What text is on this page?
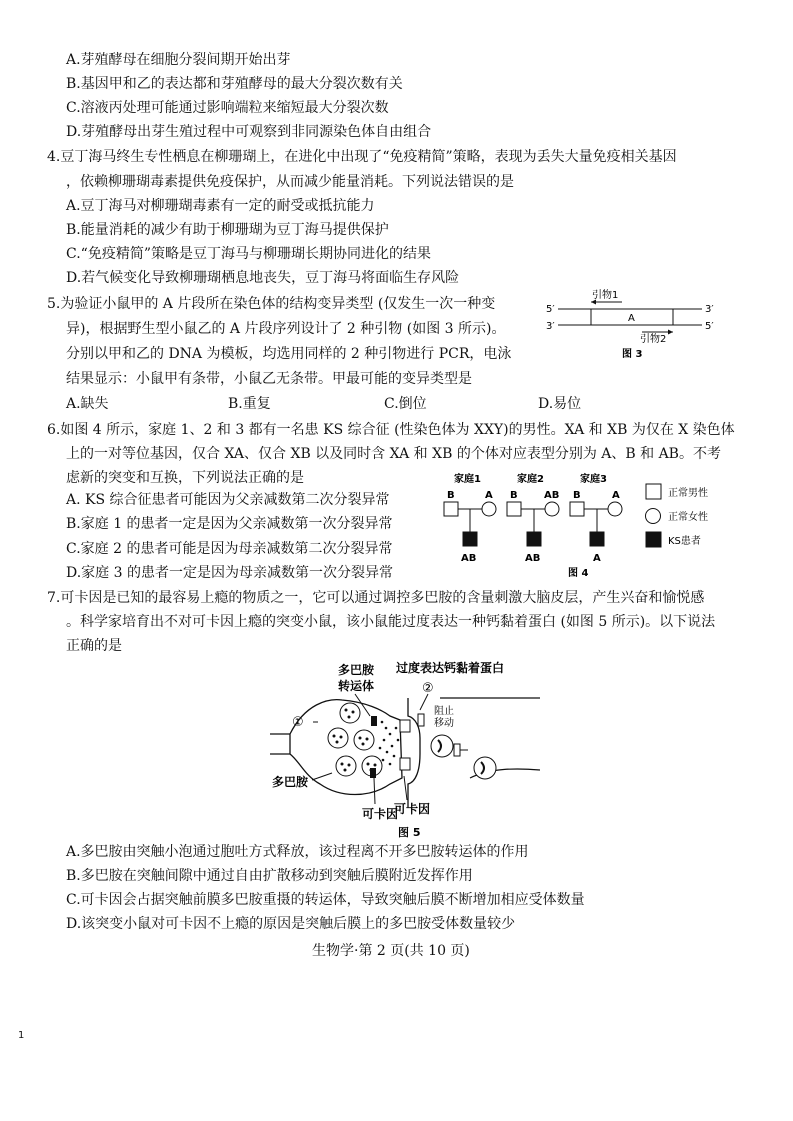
A.芽殖酵母在细胞分裂间期开始出芽
B.基因甲和乙的表达都和芽殖酵母的最大分裂次数有关
C.溶液丙处理可能通过影响端粒来缩短最大分裂次数
D.芽殖酵母出芽生殖过程中可观察到非同源染色体自由组合
4.豆丁海马终生专性栖息在柳珊瑚上，在进化中出现了“免疫精简”策略，表现为丢失大量免疫相关基因
，依赖柳珊瑚毒素提供免疫保护，从而减少能量消耗。下列说法错误的是
A.豆丁海马对柳珊瑚毒素有一定的耐受或抵抗能力
B.能量消耗的减少有助于柳珊瑚为豆丁海马提供保护
C.“免疫精简”策略是豆丁海马与柳珊瑚长期协同进化的结果
D.若气候变化导致柳珊瑚栖息地丧失，豆丁海马将面临生存风险
5.为验证小鼠甲的 A 片段所在染色体的结构变异类型 (仅发生一次一种变
异)，根据野生型小鼠乙的 A 片段序列设计了 2 种引物 (如图 3 所示)。
分别以甲和乙的 DNA 为模板，均选用同样的 2 种引物进行 PCR，电泳
结果显示：小鼠甲有条带，小鼠乙无条带。甲最可能的变异类型是
A.缺失	B.重复	C.倒位	D.易位
5′	3′
3′	5′
A
引物1
引物2
图 3
6.如图 4 所示，家庭 1、2 和 3 都有一名患 KS 综合征 (性染色体为 XXY)的男性。XA 和 XB 为仅在 X 染色体
上的一对等位基因，仅合 XA、仅合 XB 以及同时含 XA 和 XB 的个体对应表型分别为 A、B 和 AB。不考
虑新的突变和互换，下列说法正确的是
A. KS 综合征患者可能因为父亲减数第二次分裂异常
B.家庭 1 的患者一定是因为父亲减数第一次分裂异常
C.家庭 2 的患者可能是因为母亲减数第二次分裂异常
D.家庭 3 的患者一定是因为母亲减数第一次分裂异常
家庭1
B	A
AB
家庭2
B	AB
AB
家庭3
B	A
A
正常男性
正常女性
KS患者
图 4
7.可卡因是已知的最容易上瘾的物质之一，它可以通过调控多巴胺的含量刺激大脑皮层，产生兴奋和愉悦感
。科学家培育出不对可卡因上瘾的突变小鼠，该小鼠能过度表达一种钙黏着蛋白 (如图 5 所示)。以下说法
正确的是
多巴胺
转运体
过度表达钙黏着蛋白
②
①
多巴胺
可卡因
可卡因
阻止
移动
图 5
A.多巴胺由突触小泡通过胞吐方式释放，该过程离不开多巴胺转运体的作用
B.多巴胺在突触间隙中通过自由扩散移动到突触后膜附近发挥作用
C.可卡因会占据突触前膜多巴胺重摄的转运体，导致突触后膜不断增加相应受体数量
D.该突变小鼠对可卡因不上瘾的原因是突触后膜上的多巴胺受体数量较少
生物学·第 2 页(共 10 页)
1
